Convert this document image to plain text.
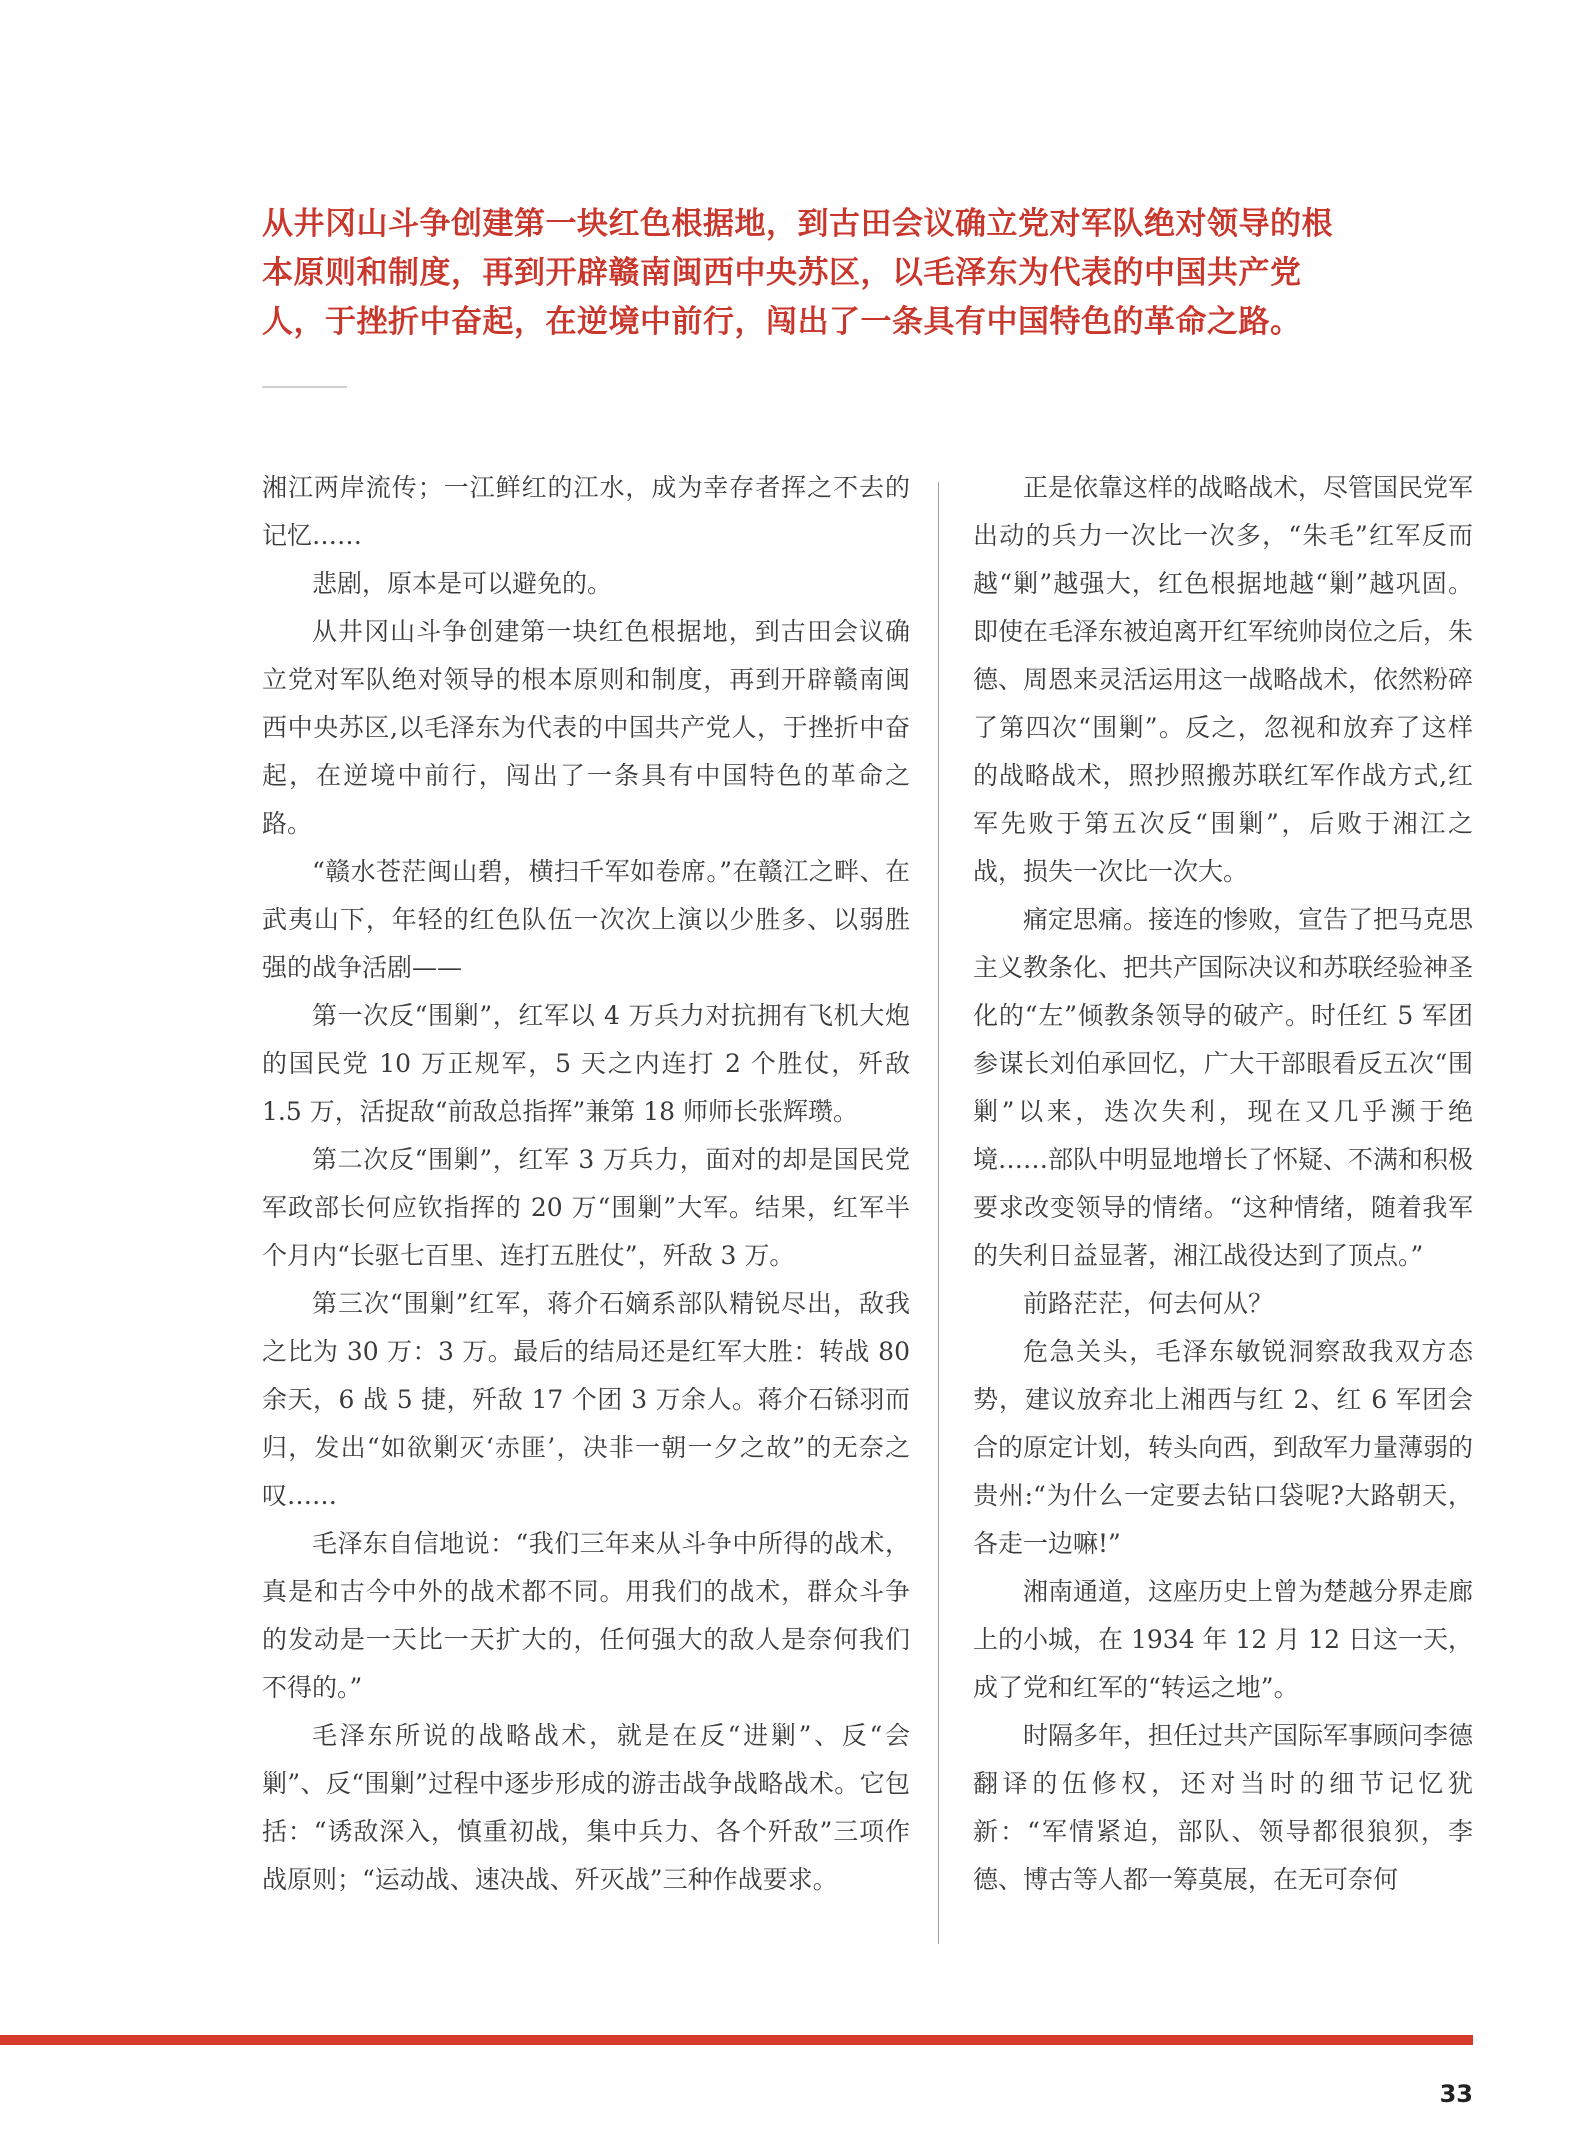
从井冈山斗争创建第一块红色根据地，到古田会议确立党对军队绝对领导的根本原则和制度，再到开辟赣南闽西中央苏区，以毛泽东为代表的中国共产党人，于挫折中奋起，在逆境中前行，闯出了一条具有中国特色的革命之路。

湘江两岸流传；一江鲜红的江水，成为幸存者挥之不去的记忆……

悲剧，原本是可以避免的。

从井冈山斗争创建第一块红色根据地，到古田会议确立党对军队绝对领导的根本原则和制度，再到开辟赣南闽西中央苏区,以毛泽东为代表的中国共产党人，于挫折中奋起，在逆境中前行，闯出了一条具有中国特色的革命之路。

“赣水苍茫闽山碧，横扫千军如卷席。”在赣江之畔、在武夷山下，年轻的红色队伍一次次上演以少胜多、以弱胜强的战争活剧——

第一次反“围剿”，红军以 4 万兵力对抗拥有飞机大炮的国民党 10 万正规军，5 天之内连打 2 个胜仗，歼敌 1.5 万，活捉敌“前敌总指挥”兼第 18 师师长张辉瓒。

第二次反“围剿”，红军 3 万兵力，面对的却是国民党军政部长何应钦指挥的 20 万“围剿”大军。结果，红军半个月内“长驱七百里、连打五胜仗”，歼敌 3 万。

第三次“围剿”红军，蒋介石嫡系部队精锐尽出，敌我之比为 30 万：3 万。最后的结局还是红军大胜：转战 80 余天，6 战 5 捷，歼敌 17 个团 3 万余人。蒋介石铩羽而归，发出“如欲剿灭‘赤匪’，决非一朝一夕之故”的无奈之叹……

毛泽东自信地说：“我们三年来从斗争中所得的战术，真是和古今中外的战术都不同。用我们的战术，群众斗争的发动是一天比一天扩大的，任何强大的敌人是奈何我们不得的。”

毛泽东所说的战略战术，就是在反“进剿”、反“会剿”、反“围剿”过程中逐步形成的游击战争战略战术。它包括：“诱敌深入，慎重初战，集中兵力、各个歼敌”三项作战原则；“运动战、速决战、歼灭战”三种作战要求。

正是依靠这样的战略战术，尽管国民党军出动的兵力一次比一次多，“朱毛”红军反而越“剿”越强大，红色根据地越“剿”越巩固。即使在毛泽东被迫离开红军统帅岗位之后，朱德、周恩来灵活运用这一战略战术，依然粉碎了第四次“围剿”。反之，忽视和放弃了这样的战略战术，照抄照搬苏联红军作战方式,红军先败于第五次反“围剿”，后败于湘江之战，损失一次比一次大。

痛定思痛。接连的惨败，宣告了把马克思主义教条化、把共产国际决议和苏联经验神圣化的“左”倾教条领导的破产。时任红 5 军团参谋长刘伯承回忆，广大干部眼看反五次“围剿”以来，迭次失利，现在又几乎濒于绝境……部队中明显地增长了怀疑、不满和积极要求改变领导的情绪。“这种情绪，随着我军的失利日益显著，湘江战役达到了顶点。”

前路茫茫，何去何从？

危急关头，毛泽东敏锐洞察敌我双方态势，建议放弃北上湘西与红 2、红 6 军团会合的原定计划，转头向西，到敌军力量薄弱的贵州:“为什么一定要去钻口袋呢?大路朝天，各走一边嘛!”

湘南通道，这座历史上曾为楚越分界走廊上的小城，在 1934 年 12 月 12 日这一天，成了党和红军的“转运之地”。

时隔多年，担任过共产国际军事顾问李德翻译的伍修权，还对当时的细节记忆犹新：“军情紧迫，部队、领导都很狼狈，李德、博古等人都一筹莫展，在无可奈何

33
